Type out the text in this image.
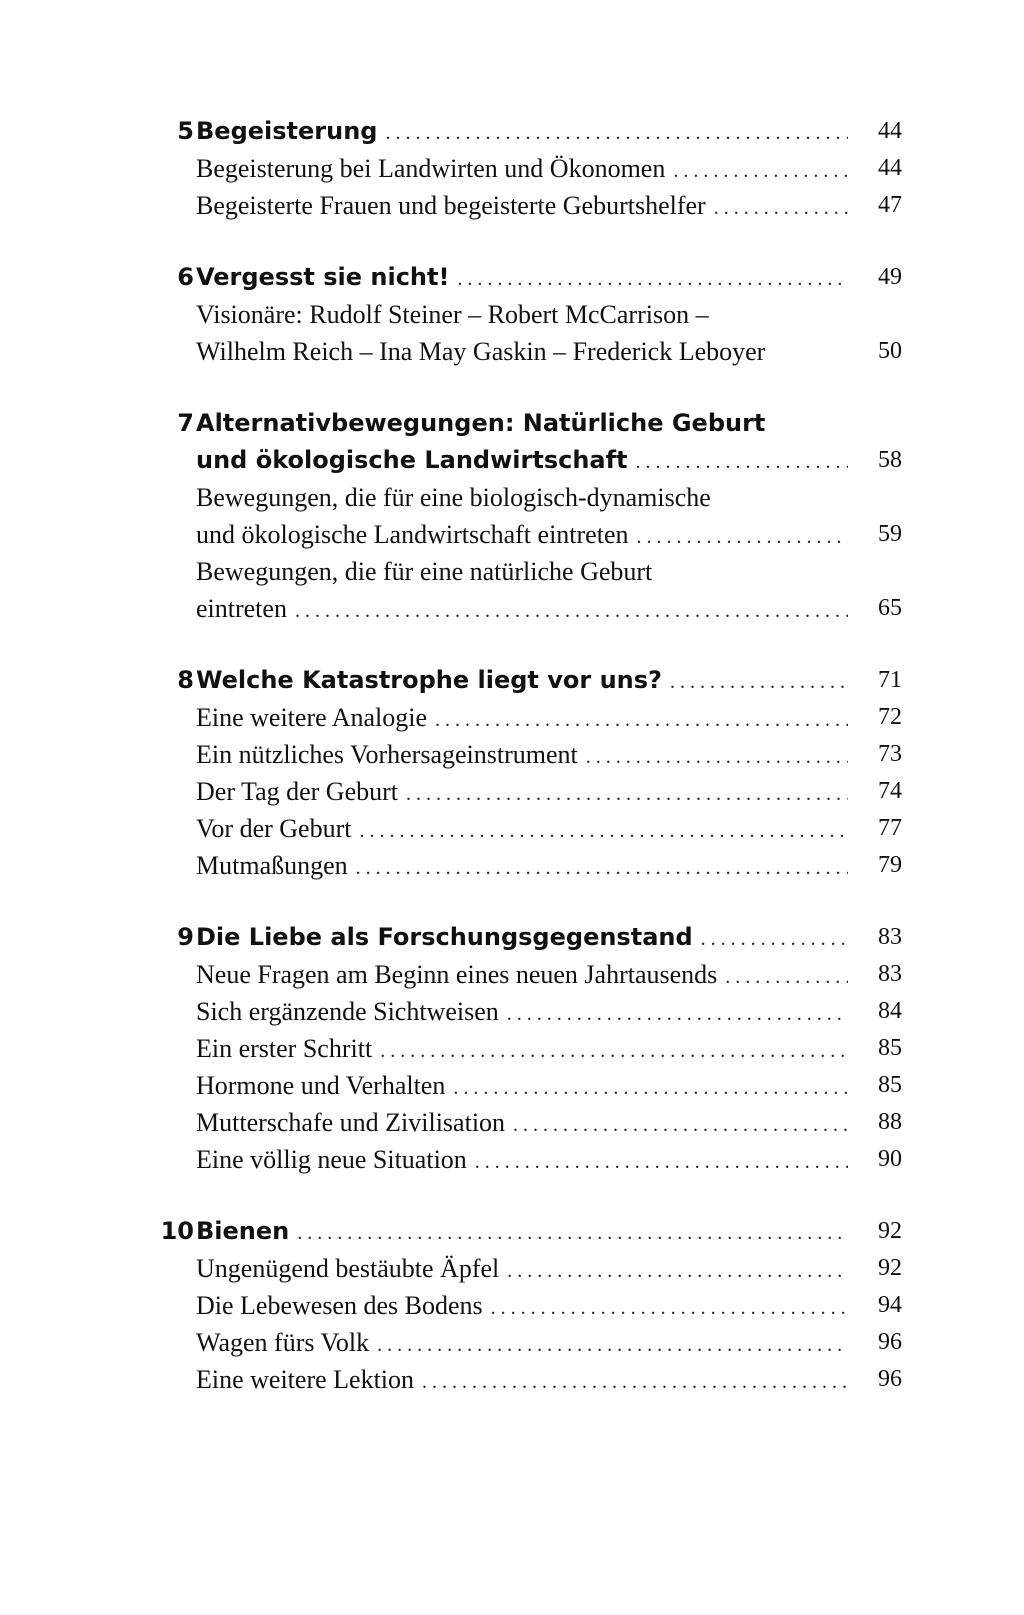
5 Begeisterung . . .	44
Begeisterung bei Landwirten und Ökonomen . . .	44
Begeisterte Frauen und begeisterte Geburtshelfer . . .	47
6 Vergesst sie nicht! . . .	49
Visionäre: Rudolf Steiner – Robert McCarrison –
Wilhelm Reich – Ina May Gaskin – Frederick Leboyer	50
7 Alternativbewegungen: Natürliche Geburt
und ökologische Landwirtschaft . . .	58
Bewegungen, die für eine biologisch-dynamische
und ökologische Landwirtschaft eintreten . . .	59
Bewegungen, die für eine natürliche Geburt
eintreten . . .	65
8 Welche Katastrophe liegt vor uns? . . .	71
Eine weitere Analogie . . .	72
Ein nützliches Vorhersageinstrument . . .	73
Der Tag der Geburt . . .	74
Vor der Geburt . . .	77
Mutmaßungen . . .	79
9 Die Liebe als Forschungsgegenstand . . .	83
Neue Fragen am Beginn eines neuen Jahrtausends . . .	83
Sich ergänzende Sichtweisen . . .	84
Ein erster Schritt . . .	85
Hormone und Verhalten . . .	85
Mutterschafe und Zivilisation . . .	88
Eine völlig neue Situation . . .	90
10 Bienen . . .	92
Ungenügend bestäubte Äpfel . . .	92
Die Lebewesen des Bodens . . .	94
Wagen fürs Volk . . .	96
Eine weitere Lektion . . .	96
